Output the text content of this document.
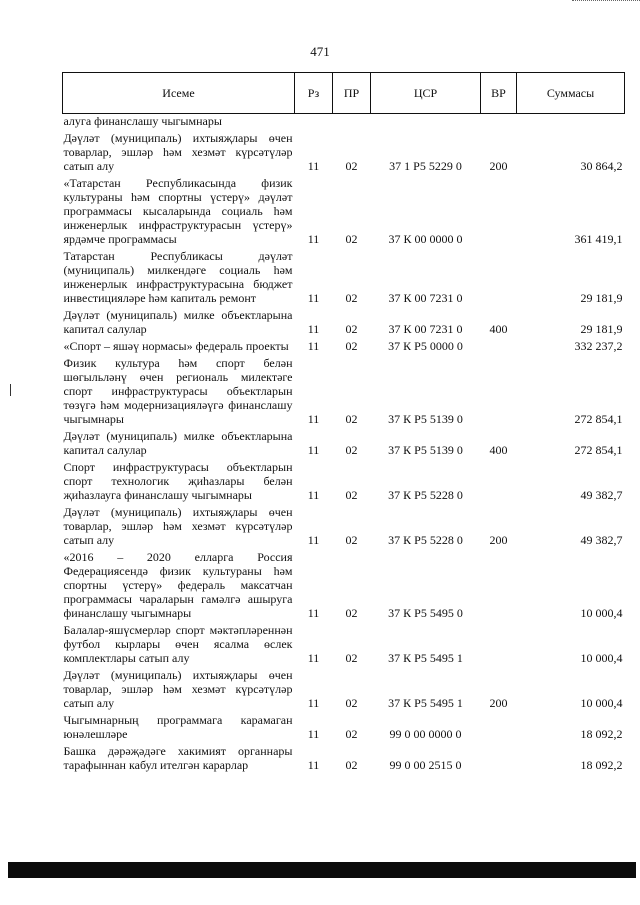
471
Исеме	Рз	ПР	ЦСР	ВР	Суммасы
алуга финанслашу чыгымнары					
Дәүләт (муниципаль) ихтыяҗлары өчен товарлар, эшләр һәм хезмәт күрсәтүләр сатып алу	11	02	37 1 P5 5229 0	200	30 864,2
«Татарстан Республикасында физик культураны һәм спортны үстерү» дәүләт программасы кысаларында социаль һәм инженерлык инфраструктурасын үстерү» ярдәмче программасы	11	02	37 К 00 0000 0		361 419,1
Татарстан Республикасы дәүләт (муниципаль) милкендәге социаль һәм инженерлык инфраструктурасына бюджет инвестицияләре һәм капиталь ремонт	11	02	37 К 00 7231 0		29 181,9
Дәүләт (муниципаль) милке объектларына капитал салулар	11	02	37 К 00 7231 0	400	29 181,9
«Спорт – яшәү нормасы» федераль проекты	11	02	37 К P5 0000 0		332 237,2
Физик культура һәм спорт белән шөгыльләнү өчен региональ милектәге спорт инфраструктурасы объектларын төзүгә һәм модернизацияләүгә финанслашу чыгымнары	11	02	37 К P5 5139 0		272 854,1
Дәүләт (муниципаль) милке объектларына капитал салулар	11	02	37 К P5 5139 0	400	272 854,1
Спорт инфраструктурасы объектларын спорт технологик җиһазлары белән җиһазлауга финанслашу чыгымнары	11	02	37 К P5 5228 0		49 382,7
Дәүләт (муниципаль) ихтыяҗлары өчен товарлар, эшләр һәм хезмәт күрсәтүләр сатып алу	11	02	37 К P5 5228 0	200	49 382,7
«2016 – 2020 елларга Россия Федерациясендә физик культураны һәм спортны үстерү» федераль максатчан программасы чараларын гамәлгә ашыруга финанслашу чыгымнары	11	02	37 К P5 5495 0		10 000,4
Балалар-яшүсмерләр спорт мәктәпләреннән футбол кырлары өчен ясалма өслек комплектлары сатып алу	11	02	37 К P5 5495 1		10 000,4
Дәүләт (муниципаль) ихтыяҗлары өчен товарлар, эшләр һәм хезмәт күрсәтүләр сатып алу	11	02	37 К P5 5495 1	200	10 000,4
Чыгымнарның программага карамаган юнәлешләре	11	02	99 0 00 0000 0		18 092,2
Башка дәрәҗәдәге хакимият органнары тарафыннан кабул ителгән карарлар	11	02	99 0 00 2515 0		18 092,2
